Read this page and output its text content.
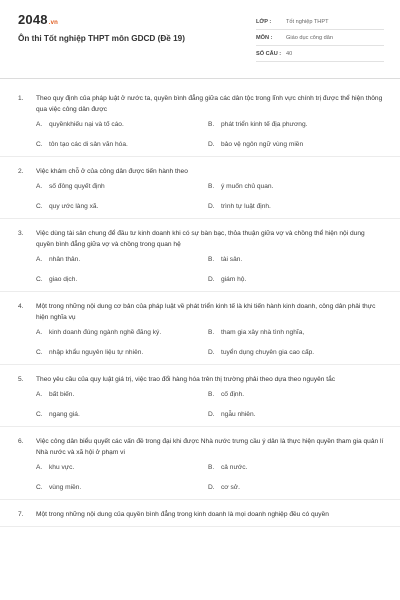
2048.vn
Ôn thi Tốt nghiệp THPT môn GDCD (Đề 19)
LỚP :	Tốt nghiệp THPT
MÔN :	Giáo dục công dân
SỐ CÂU : 40
1.	Theo quy định của pháp luật ở nước ta, quyền bình đẳng giữa các dân tộc trong lĩnh vực chính trị được thể hiện thông qua việc công dân được
A.	quyềnkhiếu nại và tố cáo.	B.	phát triển kinh tế địa phương.
C. tôn tạo các di sản văn hóa.	D. bảo vệ ngôn ngữ vùng miền
2.	Việc khám chỗ ở của công dân được tiến hành theo
A.	số đông quyết định	B.	ý muốn chủ quan.
C. quy ước làng xã.	D. trình tự luật định.
3.	Việc dùng tài sản chung để đầu tư kinh doanh khi có sự bàn bạc, thỏa thuận giữa vợ và chồng thể hiện nội dung quyền bình đẳng giữa vợ và chồng trong quan hệ
A.	nhân thân.	B.	tài sản.
C. giao dịch.	D. giám hộ.
4.	Một trong những nội dung cơ bản của pháp luật về phát triển kinh tế là khi tiến hành kinh doanh, công dân phải thực hiện nghĩa vụ
A.	kinh doanh đúng ngành nghề đăng ký.	B.	tham gia xây nhà tình nghĩa,
C. nhập khẩu nguyên liệu tự nhiên.	D. tuyển dụng chuyên gia cao cấp.
5.	Theo yêu cầu của quy luật giá trị, việc trao đổi hàng hóa trên thị trường phải theo dựa theo nguyên tắc
A.	bất biến.	B.	cố định.
C. ngang giá.	D. ngẫu nhiên.
6.	Việc công dân biểu quyết các vấn đề trong đại khi được Nhà nước trưng cầu ý dân là thực hiện quyền tham gia quản lí Nhà nước và xã hội ở phạm vi
A.	khu vực.	B.	cả nước.
C. vùng miền.	D. cơ sở.
7.	Một trong những nội dung của quyền bình đẳng trong kinh doanh là mọi doanh nghiệp đều có quyền
